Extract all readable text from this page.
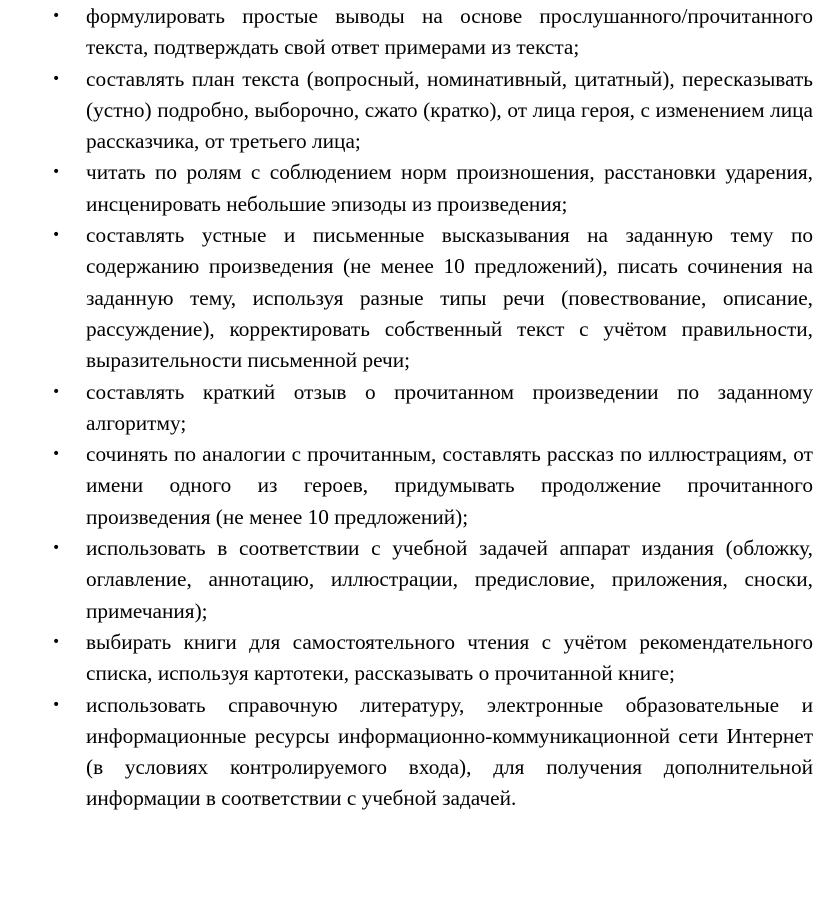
• формулировать простые выводы на основе прослушанного/прочитанного текста, подтверждать свой ответ примерами из текста;
• составлять план текста (вопросный, номинативный, цитатный), пересказывать (устно) подробно, выборочно, сжато (кратко), от лица героя, с изменением лица рассказчика, от третьего лица;
• читать по ролям с соблюдением норм произношения, расстановки ударения, инсценировать небольшие эпизоды из произведения;
• составлять устные и письменные высказывания на заданную тему по содержанию произведения (не менее 10 предложений), писать сочинения на заданную тему, используя разные типы речи (повествование, описание, рассуждение), корректировать собственный текст с учётом правильности, выразительности письменной речи;
• составлять краткий отзыв о прочитанном произведении по заданному алгоритму;
• сочинять по аналогии с прочитанным, составлять рассказ по иллюстрациям, от имени одного из героев, придумывать продолжение прочитанного произведения (не менее 10 предложений);
• использовать в соответствии с учебной задачей аппарат издания (обложку, оглавление, аннотацию, иллюстрации, предисловие, приложения, сноски, примечания);
• выбирать книги для самостоятельного чтения с учётом рекомендательного списка, используя картотеки, рассказывать о прочитанной книге;
• использовать справочную литературу, электронные образовательные и информационные ресурсы информационно-коммуникационной сети Интернет (в условиях контролируемого входа), для получения дополнительной информации в соответствии с учебной задачей.
